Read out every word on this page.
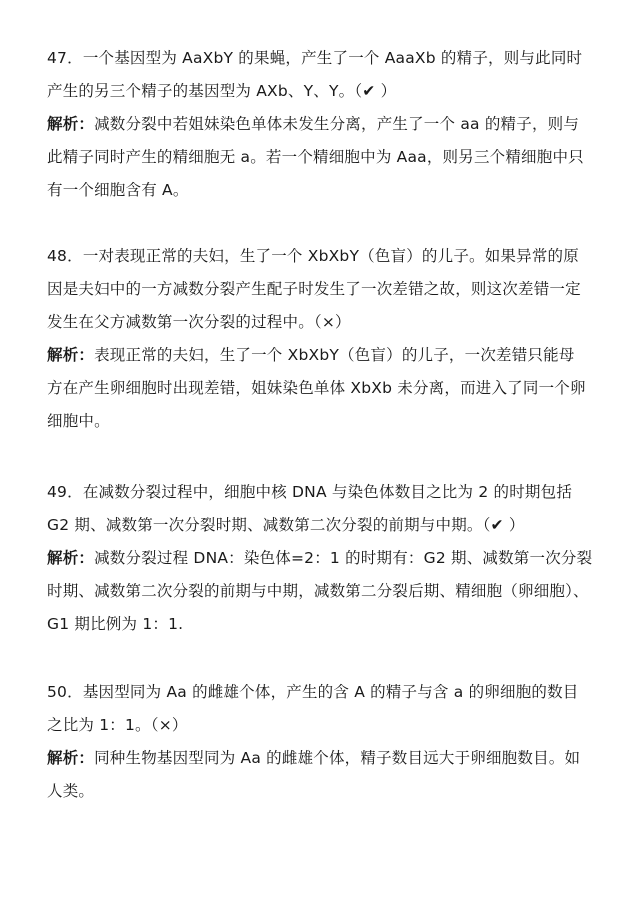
47．一个基因型为 AaXbY 的果蝇，产生了一个 AaaXb 的精子，则与此同时
产生的另三个精子的基因型为 AXb、Y、Y。（✔ ）
解析：减数分裂中若姐妹染色单体未发生分离，产生了一个 aa 的精子，则与
此精子同时产生的精细胞无 a。若一个精细胞中为 Aaa，则另三个精细胞中只
有一个细胞含有 A。
48．一对表现正常的夫妇，生了一个 XbXbY（色盲）的儿子。如果异常的原
因是夫妇中的一方减数分裂产生配子时发生了一次差错之故，则这次差错一定
发生在父方减数第一次分裂的过程中。（×）
解析：表现正常的夫妇，生了一个 XbXbY（色盲）的儿子，一次差错只能母
方在产生卵细胞时出现差错，姐妹染色单体 XbXb 未分离，而进入了同一个卵
细胞中。
49．在减数分裂过程中，细胞中核 DNA 与染色体数目之比为 2 的时期包括
G2 期、减数第一次分裂时期、减数第二次分裂的前期与中期。（✔ ）
解析：减数分裂过程 DNA：染色体=2：1 的时期有：G2 期、减数第一次分裂
时期、减数第二次分裂的前期与中期，减数第二分裂后期、精细胞（卵细胞）、
G1 期比例为 1：1.
50．基因型同为 Aa 的雌雄个体，产生的含 A 的精子与含 a 的卵细胞的数目
之比为 1：1。（×）
解析：同种生物基因型同为 Aa 的雌雄个体，精子数目远大于卵细胞数目。如
人类。
